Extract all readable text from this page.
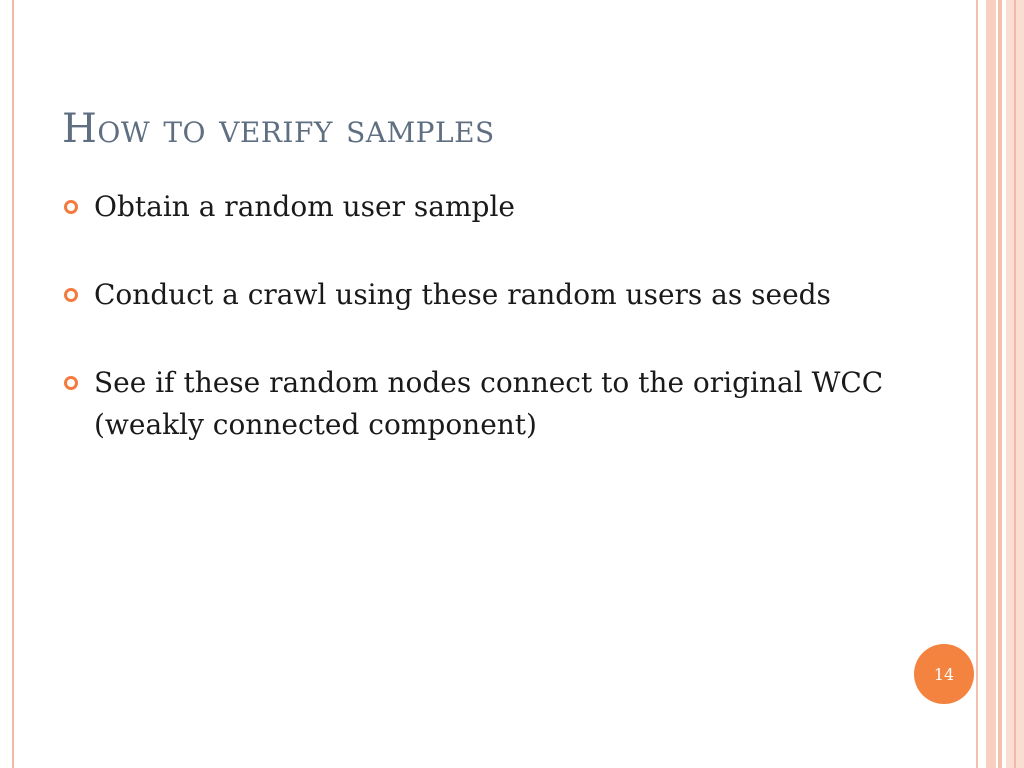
How to verify samples
Obtain a random user sample
Conduct a crawl using these random users as seeds
See if these random nodes connect to the original WCC (weakly connected component)
14
